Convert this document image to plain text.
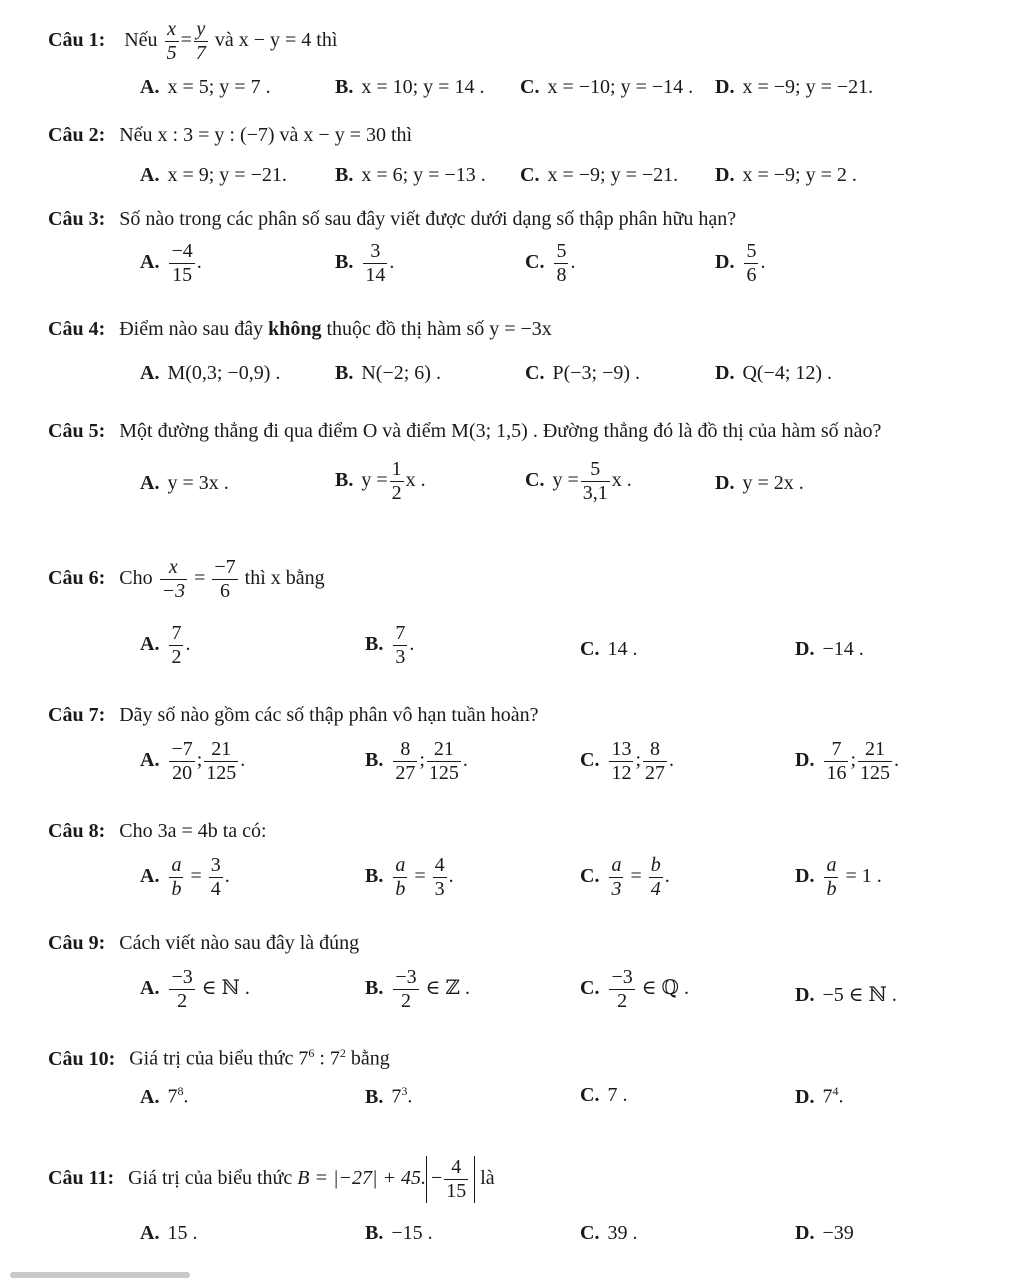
Câu 1: Nếu $\frac{x}{5} = \frac{y}{7}$ và x − y = 4 thì
A. x = 5; y = 7 .	B. x = 10; y = 14 . C. x = −10; y = −14 . D. x = −9; y = −21.
Câu 2: Nếu x : 3 = y : (−7) và x − y = 30 thì
A. x = 9; y = −21. B. x = 6; y = −13 . C. x = −9; y = −21. D. x = −9; y = 2 .
Câu 3: Số nào trong các phân số sau đây viết được dưới dạng số thập phân hữu hạn?
A. $\frac{-4}{15}$ .	B. $\frac{3}{14}$ .	C. $\frac{5}{8}$ .	D. $\frac{5}{6}$ .
Câu 4: Điểm nào sau đây không thuộc đồ thị hàm số y = −3x
A. M(0,3; −0,9) .	B. N(−2; 6) .	C. P(−3; −9) .	D. Q(−4; 12) .
Câu 5: Một đường thẳng đi qua điểm O và điểm M(3; 1,5) . Đường thẳng đó là đồ thị của hàm số nào?
A. y = 3x .	B. $y = \frac{1}{2}$ x .	C. $y = \frac{5}{3,1}$ x .	D. y = 2x .
Câu 6: Cho $\frac{x}{-3} = \frac{-7}{6}$ thì x bằng
A. $\frac{7}{2}$ .	B. $\frac{7}{3}$ .	C. 14 .	D. −14 .
Câu 7: Dãy số nào gồm các số thập phân vô hạn tuần hoàn?
A. $\frac{-7}{20}$ ; $\frac{21}{125}$ .	B. $\frac{8}{27}$ ; $\frac{21}{125}$ .	C. $\frac{13}{12}$ ; $\frac{8}{27}$ .	D. $\frac{7}{16}$ ; $\frac{21}{125}$ .
Câu 8: Cho 3a = 4b ta có:
A. $\frac{a}{b} = \frac{3}{4}$ .	B. $\frac{a}{b} = \frac{4}{3}$ .	C. $\frac{a}{3} = \frac{b}{4}$ .	D. $\frac{a}{b} = 1$ .
Câu 9: Cách viết nào sau đây là đúng
A. $\frac{-3}{2}$ ∈ ℕ .	B. $\frac{-3}{2}$ ∈ ℤ .	C. $\frac{-3}{2}$ ∈ ℚ .	D. −5 ∈ ℕ .
Câu 10: Giá trị của biểu thức $7^6$ : $7^2$ bằng
A. $7^8$.	B. $7^3$.	C. 7 .	D. $7^4$.
Câu 11: Giá trị của biểu thức B = |−27| + 45. − $\frac{4}{15}$ là
A. 15 .	B. −15 .	C. 39 .	D. −39
